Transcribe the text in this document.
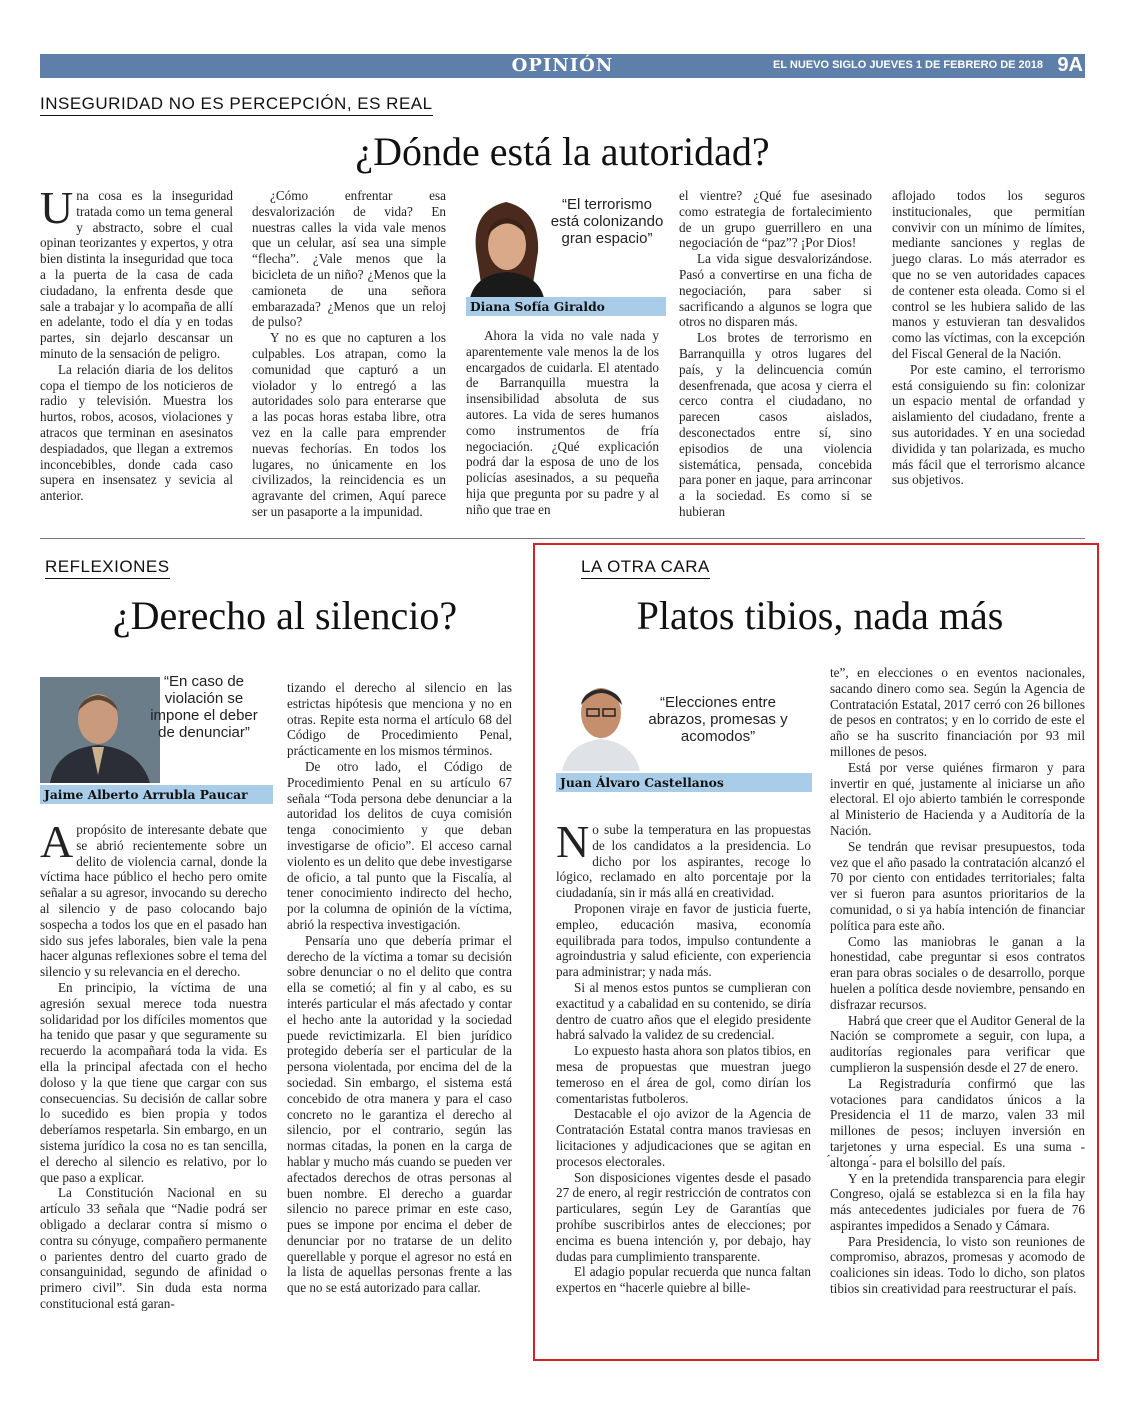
OPINIÓN	EL NUEVO SIGLO JUEVES 1 DE FEBRERO DE 2018 9A
INSEGURIDAD NO ES PERCEPCIÓN, ES REAL
¿Dónde está la autoridad?

Una cosa es la inseguridad tratada como un tema general y abstracto, sobre el cual opinan teorizantes y expertos, y otra bien distinta la inseguridad que toca a la puerta de la casa de cada ciudadano, la enfrenta desde que sale a trabajar y lo acompaña de allí en adelante, todo el día y en todas partes, sin dejarlo descansar un minuto de la sensación de peligro.

La relación diaria de los delitos copa el tiempo de los noticieros de radio y televisión. Muestra los hurtos, robos, acosos, violaciones y atracos que terminan en asesinatos despiadados, que llegan a extremos inconcebibles, donde cada caso supera en insensatez y sevicia al anterior.

¿Cómo enfrentar esa desvalorización de vida? En nuestras calles la vida vale menos que un celular, así sea una simple “flecha”. ¿Vale menos que la bicicleta de un niño? ¿Menos que la camioneta de una señora embarazada? ¿Menos que un reloj de pulso?

Y no es que no capturen a los culpables. Los atrapan, como la comunidad que capturó a un violador y lo entregó a las autoridades solo para enterarse que a las pocas horas estaba libre, otra vez en la calle para emprender nuevas fechorías. En todos los lugares, no únicamente en los civilizados, la reincidencia es un agravante del crimen, Aquí parece ser un pasaporte a la impunidad.

“El terrorismo está colonizando gran espacio”
Diana Sofía Giraldo

Ahora la vida no vale nada y aparentemente vale menos la de los encargados de cuidarla. El atentado de Barranquilla muestra la insensibilidad absoluta de sus autores. La vida de seres humanos como instrumentos de fría negociación. ¿Qué explicación podrá dar la esposa de uno de los policías asesinados, a su pequeña hija que pregunta por su padre y al niño que trae en

el vientre? ¿Qué fue asesinado como estrategia de fortalecimiento de un grupo guerrillero en una negociación de “paz”? ¡Por Dios!

La vida sigue desvalorizándose. Pasó a convertirse en una ficha de negociación, para saber si sacrificando a algunos se logra que otros no disparen más.

Los brotes de terrorismo en Barranquilla y otros lugares del país, y la delincuencia común desenfrenada, que acosa y cierra el cerco contra el ciudadano, no parecen casos aislados, desconectados entre sí, sino episodios de una violencia sistemática, pensada, concebida para poner en jaque, para arrinconar a la sociedad. Es como si se hubieran

aflojado todos los seguros institucionales, que permitían convivir con un mínimo de límites, mediante sanciones y reglas de juego claras. Lo más aterrador es que no se ven autoridades capaces de contener esta oleada. Como si el control se les hubiera salido de las manos y estuvieran tan desvalidos como las víctimas, con la excepción del Fiscal General de la Nación.

Por este camino, el terrorismo está consiguiendo su fin: colonizar un espacio mental de orfandad y aislamiento del ciudadano, frente a sus autoridades. Y en una sociedad dividida y tan polarizada, es mucho más fácil que el terrorismo alcance sus objetivos.

REFLEXIONES
¿Derecho al silencio?
“En caso de violación se impone el deber de denunciar”
Jaime Alberto Arrubla Paucar

Apropósito de interesante debate que se abrió recientemente sobre un delito de violencia carnal, donde la víctima hace público el hecho pero omite señalar a su agresor, invocando su derecho al silencio y de paso colocando bajo sospecha a todos los que en el pasado han sido sus jefes laborales, bien vale la pena hacer algunas reflexiones sobre el tema del silencio y su relevancia en el derecho.

En principio, la víctima de una agresión sexual merece toda nuestra solidaridad por los difíciles momentos que ha tenido que pasar y que seguramente su recuerdo la acompañará toda la vida. Es ella la principal afectada con el hecho doloso y la que tiene que cargar con sus consecuencias. Su decisión de callar sobre lo sucedido es bien propia y todos deberíamos respetarla. Sin embargo, en un sistema jurídico la cosa no es tan sencilla, el derecho al silencio es relativo, por lo que paso a explicar.

La Constitución Nacional en su artículo 33 señala que “Nadie podrá ser obligado a declarar contra sí mismo o contra su cónyuge, compañero permanente o parientes dentro del cuarto grado de consanguinidad, segundo de afinidad o primero civil”. Sin duda esta norma constitucional está garan-

tizando el derecho al silencio en las estrictas hipótesis que menciona y no en otras. Repite esta norma el artículo 68 del Código de Procedimiento Penal, prácticamente en los mismos términos.

De otro lado, el Código de Procedimiento Penal en su artículo 67 señala “Toda persona debe denunciar a la autoridad los delitos de cuya comisión tenga conocimiento y que deban investigarse de oficio”. El acceso carnal violento es un delito que debe investigarse de oficio, a tal punto que la Fiscalía, al tener conocimiento indirecto del hecho, por la columna de opinión de la víctima, abrió la respectiva investigación.

Pensaría uno que debería primar el derecho de la víctima a tomar su decisión sobre denunciar o no el delito que contra ella se cometió; al fin y al cabo, es su interés particular el más afectado y contar el hecho ante la autoridad y la sociedad puede revictimizarla. El bien jurídico protegido debería ser el particular de la persona violentada, por encima del de la sociedad. Sin embargo, el sistema está concebido de otra manera y para el caso concreto no le garantiza el derecho al silencio, por el contrario, según las normas citadas, la ponen en la carga de hablar y mucho más cuando se pueden ver afectados derechos de otras personas al buen nombre. El derecho a guardar silencio no parece primar en este caso, pues se impone por encima el deber de denunciar por no tratarse de un delito querellable y porque el agresor no está en la lista de aquellas personas frente a las que no se está autorizado para callar.

LA OTRA CARA
Platos tibios, nada más
“Elecciones entre abrazos, promesas y acomodos”
Juan Álvaro Castellanos

No sube la temperatura en las propuestas de los candidatos a la presidencia. Lo dicho por los aspirantes, recoge lo lógico, reclamado en alto porcentaje por la ciudadanía, sin ir más allá en creatividad.

Proponen viraje en favor de justicia fuerte, empleo, educación masiva, economía equilibrada para todos, impulso contundente a agroindustria y salud eficiente, con experiencia para administrar; y nada más.

Si al menos estos puntos se cumplieran con exactitud y a cabalidad en su contenido, se diría dentro de cuatro años que el elegido presidente habrá salvado la validez de su credencial.

Lo expuesto hasta ahora son platos tibios, en mesa de propuestas que muestran juego temeroso en el área de gol, como dirían los comentaristas futboleros.

Destacable el ojo avizor de la Agencia de Contratación Estatal contra manos traviesas en licitaciones y adjudicaciones que se agitan en procesos electorales.

Son disposiciones vigentes desde el pasado 27 de enero, al regir restricción de contratos con particulares, según Ley de Garantías que prohíbe suscribirlos antes de elecciones; por encima es buena intención y, por debajo, hay dudas para cumplimiento transparente.

El adagio popular recuerda que nunca faltan expertos en “hacerle quiebre al bille-

te”, en elecciones o en eventos nacionales, sacando dinero como sea. Según la Agencia de Contratación Estatal, 2017 cerró con 26 billones de pesos en contratos; y en lo corrido de este el año se ha suscrito financiación por 93 mil millones de pesos.

Está por verse quiénes firmaron y para invertir en qué, justamente al iniciarse un año electoral. El ojo abierto también le corresponde al Ministerio de Hacienda y a Auditoría de la Nación.

Se tendrán que revisar presupuestos, toda vez que el año pasado la contratación alcanzó el 70 por ciento con entidades territoriales; falta ver si fueron para asuntos prioritarios de la comunidad, o si ya había intención de financiar política para este año.

Como las maniobras le ganan a la honestidad, cabe preguntar si esos contratos eran para obras sociales o de desarrollo, porque huelen a política desde noviembre, pensando en disfrazar recursos.

Habrá que creer que el Auditor General de la Nación se compromete a seguir, con lupa, a auditorías regionales para verificar que cumplieron la suspensión desde el 27 de enero.

La Registraduría confirmó que las votaciones para candidatos únicos a la Presidencia el 11 de marzo, valen 33 mil millones de pesos; incluyen inversión en tarjetones y urna especial. Es una suma - ́altonga ́- para el bolsillo del país.

Y en la pretendida transparencia para elegir Congreso, ojalá se establezca si en la fila hay más antecedentes judiciales por fuera de 76 aspirantes impedidos a Senado y Cámara.

Para Presidencia, lo visto son reuniones de compromiso, abrazos, promesas y acomodo de coaliciones sin ideas. Todo lo dicho, son platos tibios sin creatividad para reestructurar el país.
